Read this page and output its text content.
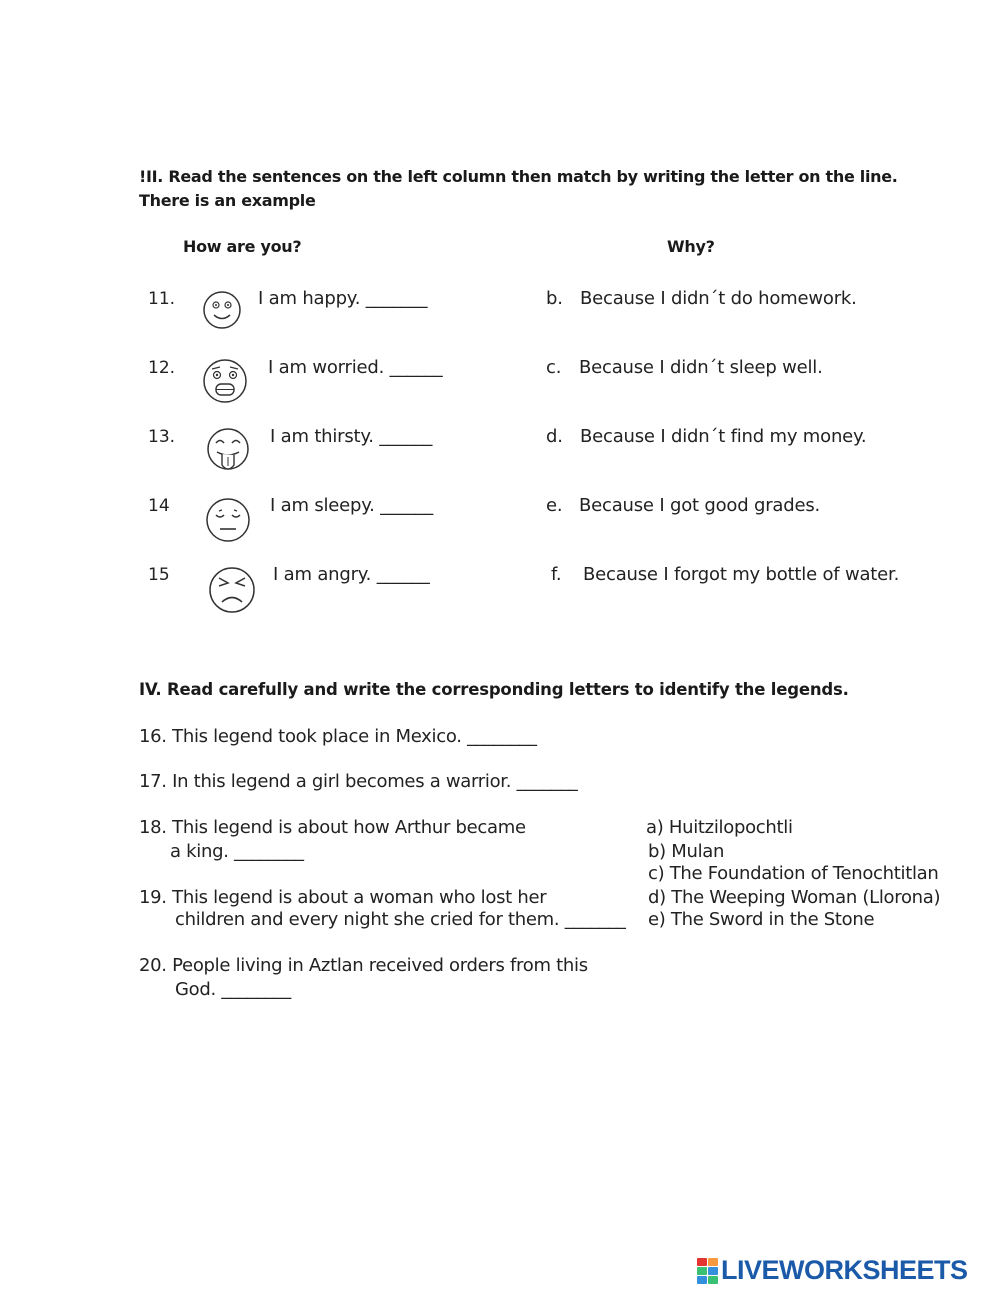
!II. Read the sentences on the left column then match by writing the letter on the line.
There is an example
How are you?	Why?
11.	I am happy. _______	b. Because I didn´t do homework.
12.	I am worried. ______	c. Because I didn´t sleep well.
13.	I am thirsty. ______	d. Because I didn´t find my money.
14	I am sleepy. ______	e. Because I got good grades.
15	I am angry. ______	f. Because I forgot my bottle of water.
IV. Read carefully and write the corresponding letters to identify the legends.
16. This legend took place in Mexico. ________
17. In this legend a girl becomes a warrior. _______
18. This legend is about how Arthur became
a king. ________
19. This legend is about a woman who lost her
children and every night she cried for them. _______
20. People living in Aztlan received orders from this
God. ________
a) Huitzilopochtli
b) Mulan
c) The Foundation of Tenochtitlan
d) The Weeping Woman (Llorona)
e) The Sword in the Stone
LIVEWORKSHEETS
